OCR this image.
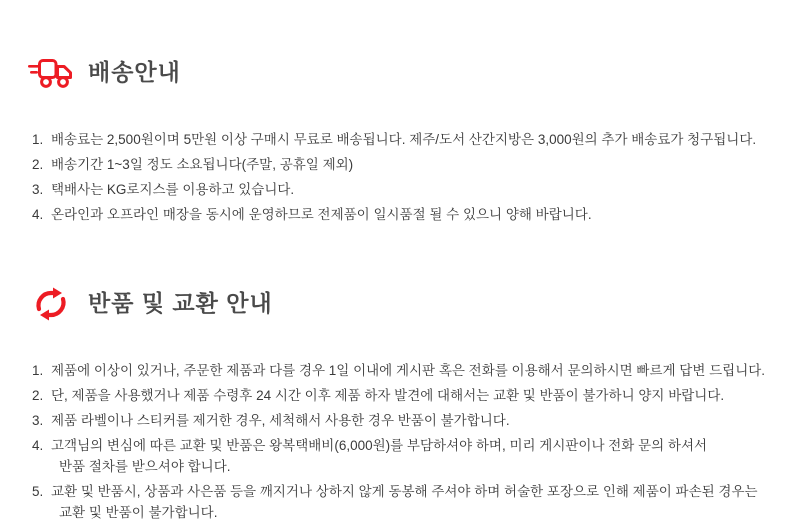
배송안내
1. 배송료는 2,500원이며 5만원 이상 구매시 무료로 배송됩니다. 제주/도서 산간지방은 3,000원의 추가 배송료가 청구됩니다.
2. 배송기간 1~3일 정도 소요됩니다(주말, 공휴일 제외)
3. 택배사는 KG로지스를 이용하고 있습니다.
4. 온라인과 오프라인 매장을 동시에 운영하므로 전제품이 일시품절 될 수 있으니 양해 바랍니다.
반품 및 교환 안내
1. 제품에 이상이 있거나, 주문한 제품과 다를 경우 1일 이내에 게시판 혹은 전화를 이용해서 문의하시면 빠르게 답변 드립니다.
2. 단, 제품을 사용했거나 제품 수령후 24 시간 이후 제품 하자 발견에 대해서는 교환 및 반품이 불가하니 양지 바랍니다.
3. 제품 라벨이나 스티커를 제거한 경우, 세척해서 사용한 경우 반품이 불가합니다.
4. 고객님의 변심에 따른 교환 및 반품은 왕복택배비(6,000원)를 부담하셔야 하며, 미리 게시판이나 전화 문의 하셔서
반품 절차를 받으셔야 합니다.
5. 교환 및 반품시, 상품과 사은품 등을 깨지거나 상하지 않게 동봉해 주셔야 하며 허술한 포장으로 인해 제품이 파손된 경우는
교환 및 반품이 불가합니다.
